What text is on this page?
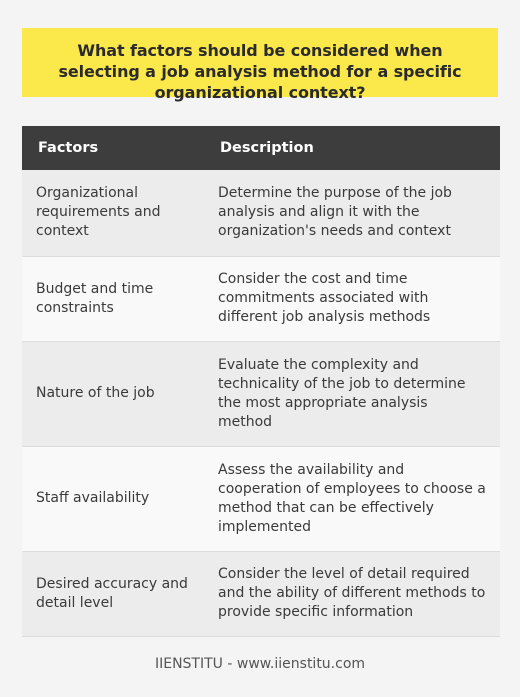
What factors should be considered when selecting a job analysis method for a specific organizational context?
Factors	Description
Organizational requirements and context	Determine the purpose of the job analysis and align it with the organization's needs and context
Budget and time constraints	Consider the cost and time commitments associated with different job analysis methods
Nature of the job	Evaluate the complexity and technicality of the job to determine the most appropriate analysis method
Staff availability	Assess the availability and cooperation of employees to choose a method that can be effectively implemented
Desired accuracy and detail level	Consider the level of detail required and the ability of different methods to provide specific information
IIENSTITU - www.iienstitu.com
